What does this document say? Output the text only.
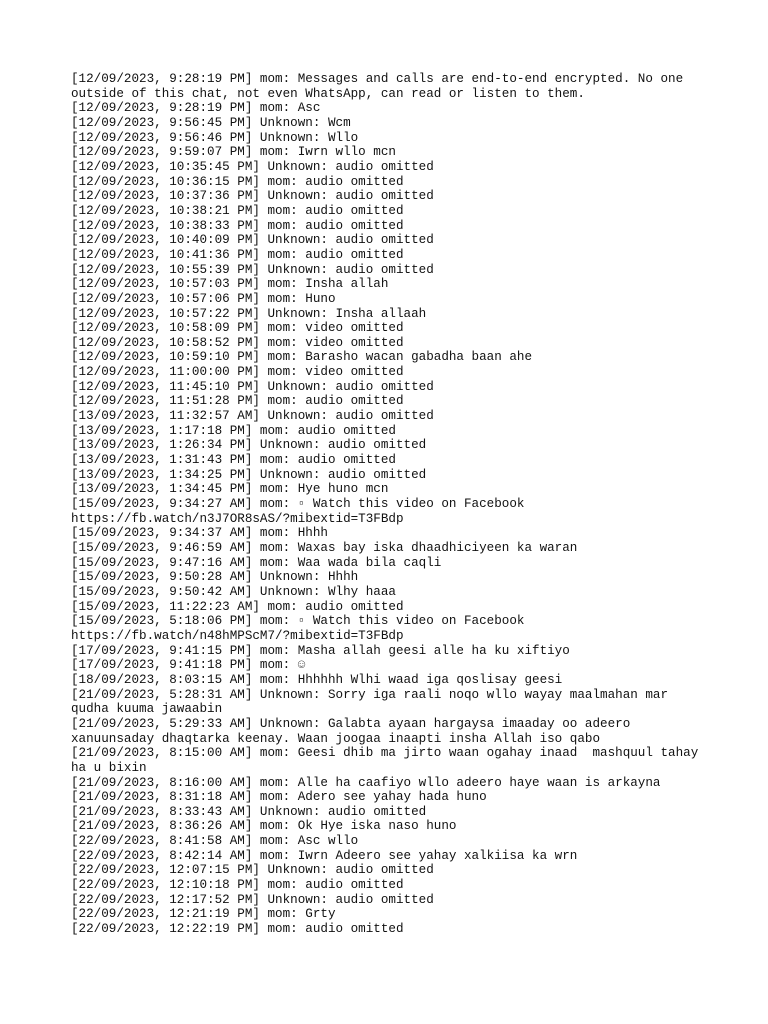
[12/09/2023, 9:28:19 PM] mom: Messages and calls are end-to-end encrypted. No one
outside of this chat, not even WhatsApp, can read or listen to them.
[12/09/2023, 9:28:19 PM] mom: Asc
[12/09/2023, 9:56:45 PM] Unknown: Wcm
[12/09/2023, 9:56:46 PM] Unknown: Wllo
[12/09/2023, 9:59:07 PM] mom: Iwrn wllo mcn
[12/09/2023, 10:35:45 PM] Unknown: audio omitted
[12/09/2023, 10:36:15 PM] mom: audio omitted
[12/09/2023, 10:37:36 PM] Unknown: audio omitted
[12/09/2023, 10:38:21 PM] mom: audio omitted
[12/09/2023, 10:38:33 PM] mom: audio omitted
[12/09/2023, 10:40:09 PM] Unknown: audio omitted
[12/09/2023, 10:41:36 PM] mom: audio omitted
[12/09/2023, 10:55:39 PM] Unknown: audio omitted
[12/09/2023, 10:57:03 PM] mom: Insha allah
[12/09/2023, 10:57:06 PM] mom: Huno
[12/09/2023, 10:57:22 PM] Unknown: Insha allaah
[12/09/2023, 10:58:09 PM] mom: video omitted
[12/09/2023, 10:58:52 PM] mom: video omitted
[12/09/2023, 10:59:10 PM] mom: Barasho wacan gabadha baan ahe
[12/09/2023, 11:00:00 PM] mom: video omitted
[12/09/2023, 11:45:10 PM] Unknown: audio omitted
[12/09/2023, 11:51:28 PM] mom: audio omitted
[13/09/2023, 11:32:57 AM] Unknown: audio omitted
[13/09/2023, 1:17:18 PM] mom: audio omitted
[13/09/2023, 1:26:34 PM] Unknown: audio omitted
[13/09/2023, 1:31:43 PM] mom: audio omitted
[13/09/2023, 1:34:25 PM] Unknown: audio omitted
[13/09/2023, 1:34:45 PM] mom: Hye huno mcn
[15/09/2023, 9:34:27 AM] mom: ▫ Watch this video on Facebook
https://fb.watch/n3J7OR8sAS/?mibextid=T3FBdp
[15/09/2023, 9:34:37 AM] mom: Hhhh
[15/09/2023, 9:46:59 AM] mom: Waxas bay iska dhaadhiciyeen ka waran
[15/09/2023, 9:47:16 AM] mom: Waa wada bila caqli
[15/09/2023, 9:50:28 AM] Unknown: Hhhh
[15/09/2023, 9:50:42 AM] Unknown: Wlhy haaa
[15/09/2023, 11:22:23 AM] mom: audio omitted
[15/09/2023, 5:18:06 PM] mom: ▫ Watch this video on Facebook
https://fb.watch/n48hMPScM7/?mibextid=T3FBdp
[17/09/2023, 9:41:15 PM] mom: Masha allah geesi alle ha ku xiftiyo
[17/09/2023, 9:41:18 PM] mom: ☺
[18/09/2023, 8:03:15 AM] mom: Hhhhhh Wlhi waad iga qoslisay geesi
[21/09/2023, 5:28:31 AM] Unknown: Sorry iga raali noqo wllo wayay maalmahan mar
qudha kuuma jawaabin
[21/09/2023, 5:29:33 AM] Unknown: Galabta ayaan hargaysa imaaday oo adeero
xanuunsaday dhaqtarka keenay. Waan joogaa inaapti insha Allah iso qabo
[21/09/2023, 8:15:00 AM] mom: Geesi dhib ma jirto waan ogahay inaad  mashquul tahay
ha u bixin
[21/09/2023, 8:16:00 AM] mom: Alle ha caafiyo wllo adeero haye waan is arkayna
[21/09/2023, 8:31:18 AM] mom: Adero see yahay hada huno
[21/09/2023, 8:33:43 AM] Unknown: audio omitted
[21/09/2023, 8:36:26 AM] mom: Ok Hye iska naso huno
[22/09/2023, 8:41:58 AM] mom: Asc wllo
[22/09/2023, 8:42:14 AM] mom: Iwrn Adeero see yahay xalkiisa ka wrn
[22/09/2023, 12:07:15 PM] Unknown: audio omitted
[22/09/2023, 12:10:18 PM] mom: audio omitted
[22/09/2023, 12:17:52 PM] Unknown: audio omitted
[22/09/2023, 12:21:19 PM] mom: Grty
[22/09/2023, 12:22:19 PM] mom: audio omitted
